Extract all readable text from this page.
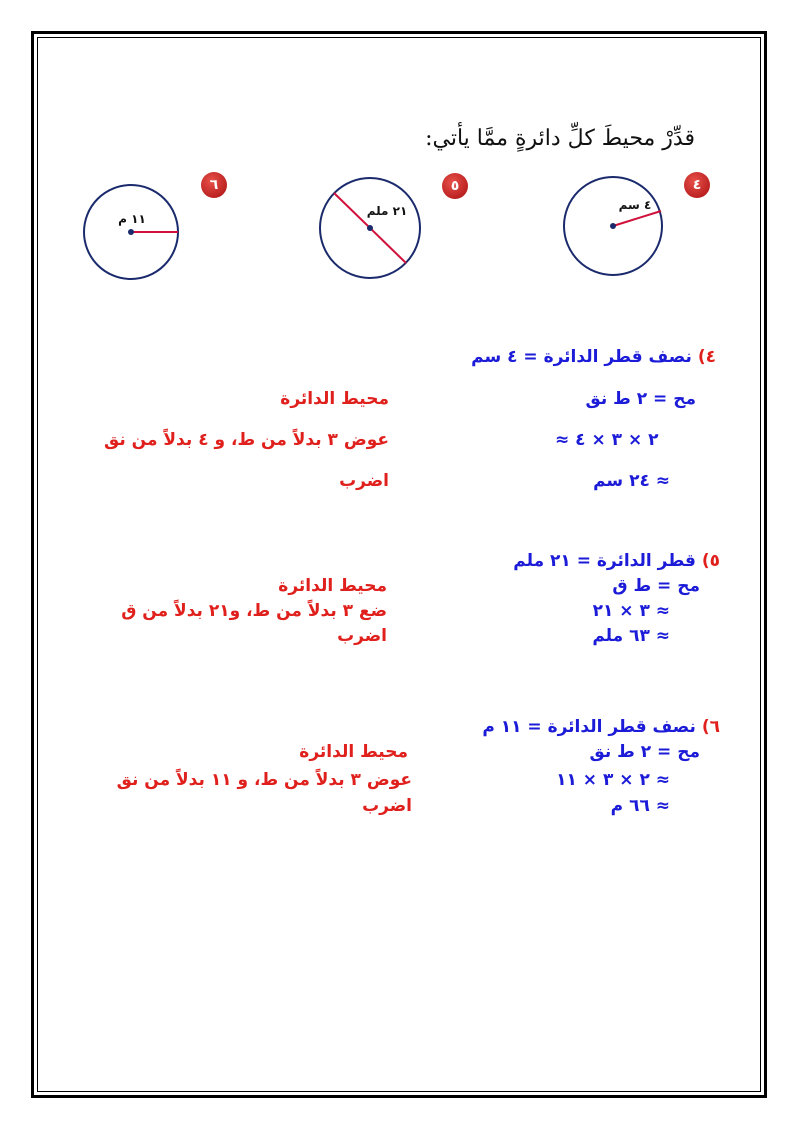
قدِّرْ محيطَ كلِّ دائرةٍ ممَّا يأتي:
٤
٤ سم
٥
٢١ ملم
٦
١١ م
٤) نصف قطر الدائرة = ٤ سم
مح = ٢ ط نق
محيط الدائرة
٢ × ٣ × ٤ ≈
عوض ٣ بدلاً من ط، و ٤ بدلاً من نق
≈ ٢٤ سم
اضرب
٥) قطر الدائرة = ٢١ ملم
مح = ط ق
محيط الدائرة
≈ ٣ × ٢١
ضع ٣ بدلاً من ط، و٢١ بدلاً من ق
≈ ٦٣ ملم
اضرب
٦) نصف قطر الدائرة = ١١ م
مح = ٢ ط نق
محيط الدائرة
≈ ٢ × ٣ × ١١
عوض ٣ بدلاً من ط، و ١١ بدلاً من نق
≈ ٦٦ م
اضرب
